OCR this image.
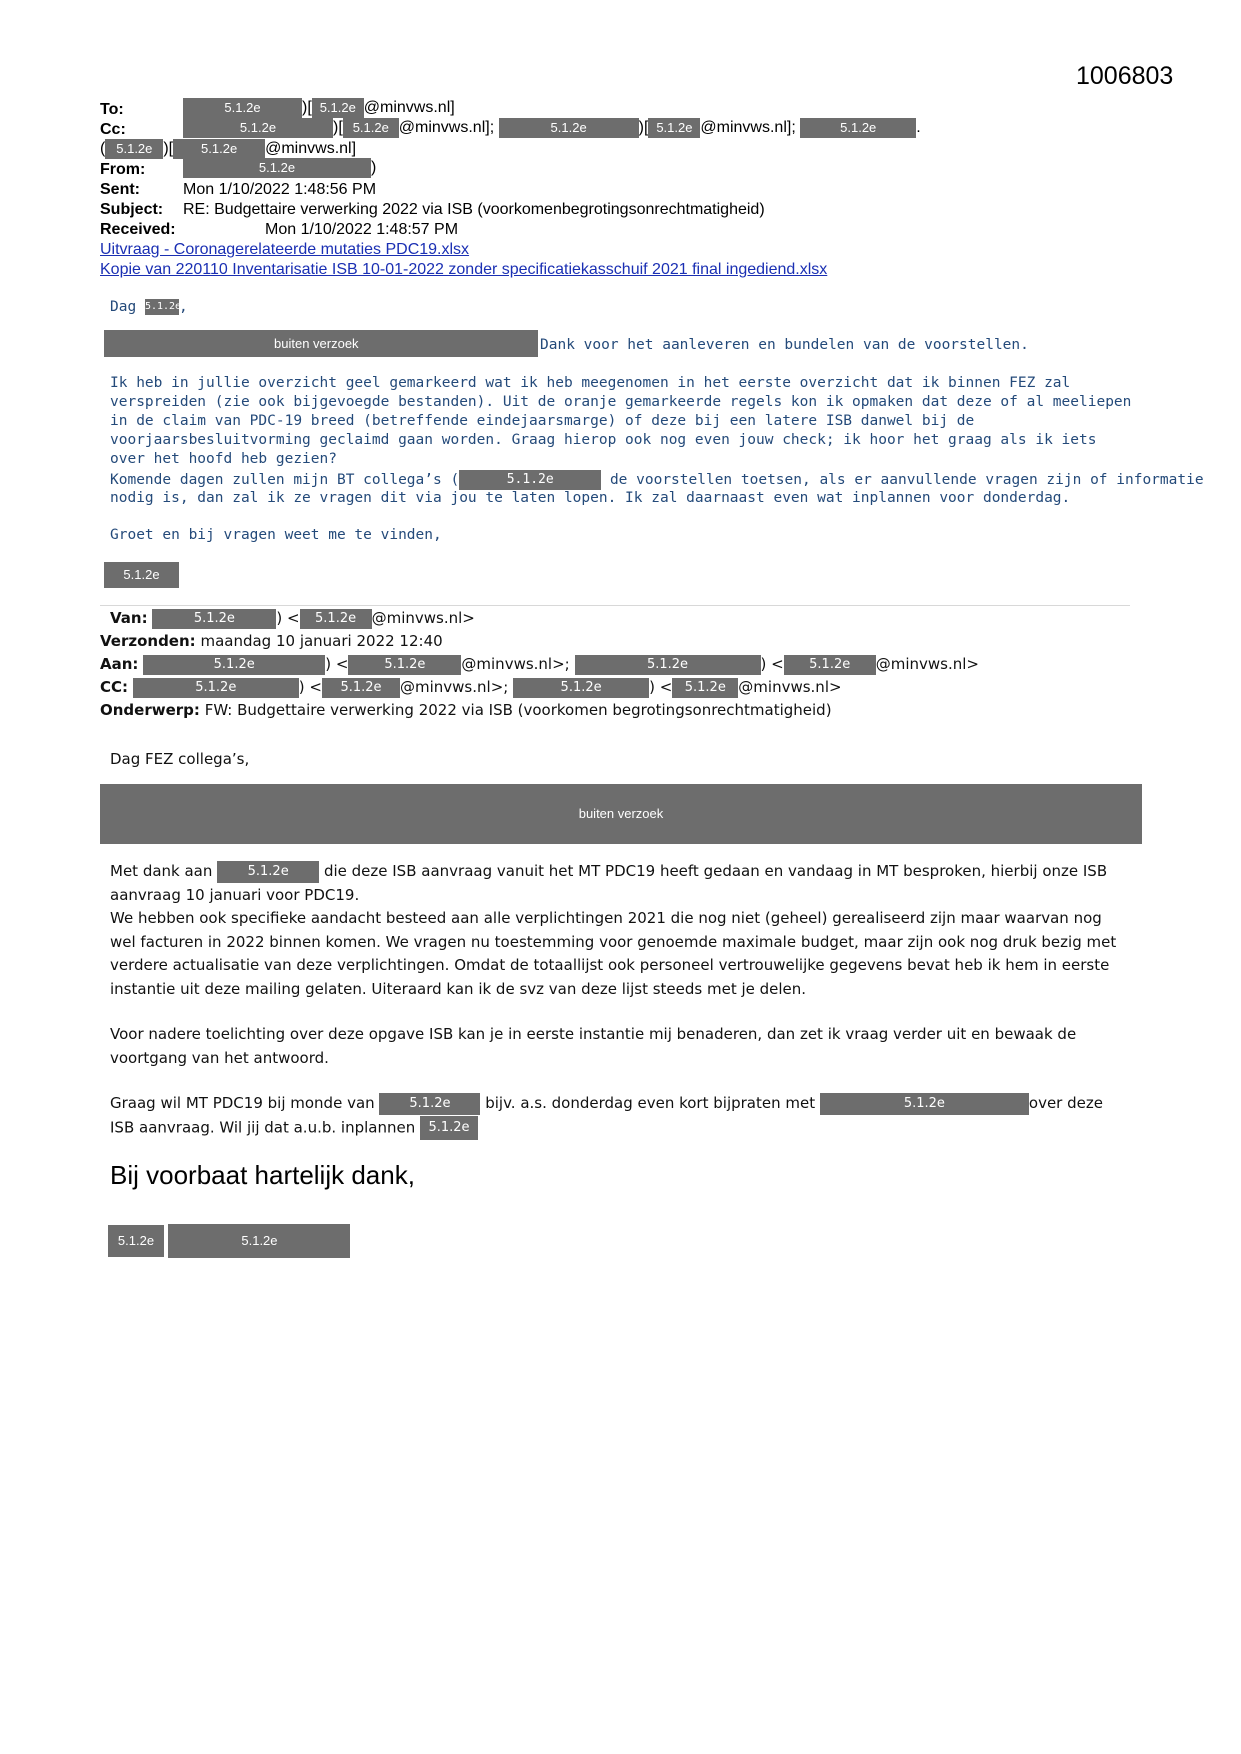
1006803
To:	5.1.2e	)[ 5.1.2e @minvws.nl]
Cc:	5.1.2e	)[ 5.1.2e @minvws.nl];	5.1.2e	)[ 5.1.2e @minvws.nl];	5.1.2e .
( 5.1.2e )[ 5.1.2e @minvws.nl]
From:	5.1.2e	)
Sent:	Mon 1/10/2022 1:48:56 PM
Subject: RE: Budgettaire verwerking 2022 via ISB (voorkomenbegrotingsonrechtmatigheid)
Received:	Mon 1/10/2022 1:48:57 PM
Uitvraag - Coronagerelateerde mutaties PDC19.xlsx
Kopie van 220110 Inventarisatie ISB 10-01-2022 zonder specificatiekasschuif 2021 final ingediend.xlsx
Dag 5.1.2e,
buiten verzoek	Dank voor het aanleveren en bundelen van de voorstellen.
Ik heb in jullie overzicht geel gemarkeerd wat ik heb meegenomen in het eerste overzicht dat ik binnen FEZ zal verspreiden (zie ook bijgevoegde bestanden). Uit de oranje gemarkeerde regels kon ik opmaken dat deze of al meeliepen in de claim van PDC-19 breed (betreffende eindejaarsmarge) of deze bij een latere ISB danwel bij de voorjaarsbesluitvorming geclaimd gaan worden. Graag hierop ook nog even jouw check; ik hoor het graag als ik iets over het hoofd heb gezien?
Komende dagen zullen mijn BT collega’s (	5.1.2e	de voorstellen toetsen, als er aanvullende vragen zijn of informatie
nodig is, dan zal ik ze vragen dit via jou te laten lopen. Ik zal daarnaast even wat inplannen voor donderdag.
Groet en bij vragen weet me te vinden,
5.1.2e
Van:	5.1.2e	) < 5.1.2e @minvws.nl>
Verzonden: maandag 10 januari 2022 12:40
Aan:	5.1.2e	) <	5.1.2e @minvws.nl>;	5.1.2e	) < 5.1.2e @minvws.nl>
CC:	5.1.2e	) < 5.1.2e @minvws.nl>;	5.1.2e	) < 5.1.2e @minvws.nl>
Onderwerp: FW: Budgettaire verwerking 2022 via ISB (voorkomen begrotingsonrechtmatigheid)
Dag FEZ collega’s,
buiten verzoek
Met dank aan	5.1.2e die deze ISB aanvraag vanuit het MT PDC19 heeft gedaan en vandaag in MT besproken, hierbij onze ISB
aanvraag 10 januari voor PDC19.
We hebben ook specifieke aandacht besteed aan alle verplichtingen 2021 die nog niet (geheel) gerealiseerd zijn maar waarvan nog wel facturen in 2022 binnen komen. We vragen nu toestemming voor genoemde maximale budget, maar zijn ook nog druk bezig met verdere actualisatie van deze verplichtingen. Omdat de totaallijst ook personeel vertrouwelijke gegevens bevat heb ik hem in eerste instantie uit deze mailing gelaten. Uiteraard kan ik de svz van deze lijst steeds met je delen.
Voor nadere toelichting over deze opgave ISB kan je in eerste instantie mij benaderen, dan zet ik vraag verder uit en bewaak de voortgang van het antwoord.
Graag wil MT PDC19 bij monde van	5.1.2e bijv. a.s. donderdag even kort bijpraten met	5.1.2e	over deze
ISB aanvraag. Wil jij dat a.u.b. inplannen 5.1.2e
Bij voorbaat hartelijk dank,
5.1.2e	5.1.2e
